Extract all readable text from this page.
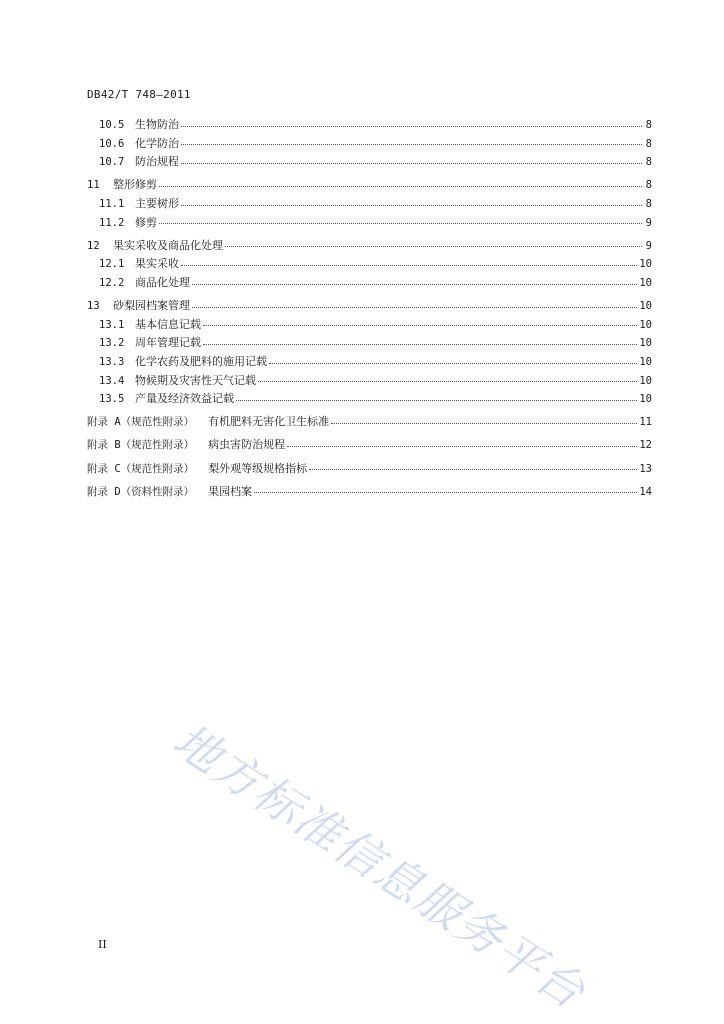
DB42/T 748—2011
10.5 生物防治	8
10.6 化学防治	8
10.7 防治规程	8
11	整形修剪	8
11.1 主要树形	8
11.2 修剪	9
12	果实采收及商品化处理	9
12.1 果实采收	10
12.2 商品化处理	10
13	砂梨园档案管理	10
13.1 基本信息记载	10
13.2 周年管理记载	10
13.3 化学农药及肥料的施用记载	10
13.4 物候期及灾害性天气记载	10
13.5 产量及经济效益记载	10
附录 A（规范性附录）	有机肥料无害化卫生标准	11
附录 B（规范性附录）	病虫害防治规程	12
附录 C（规范性附录）	梨外观等级规格指标	13
附录 D（资料性附录）	果园档案	14
地方标准信息服务平台
II
